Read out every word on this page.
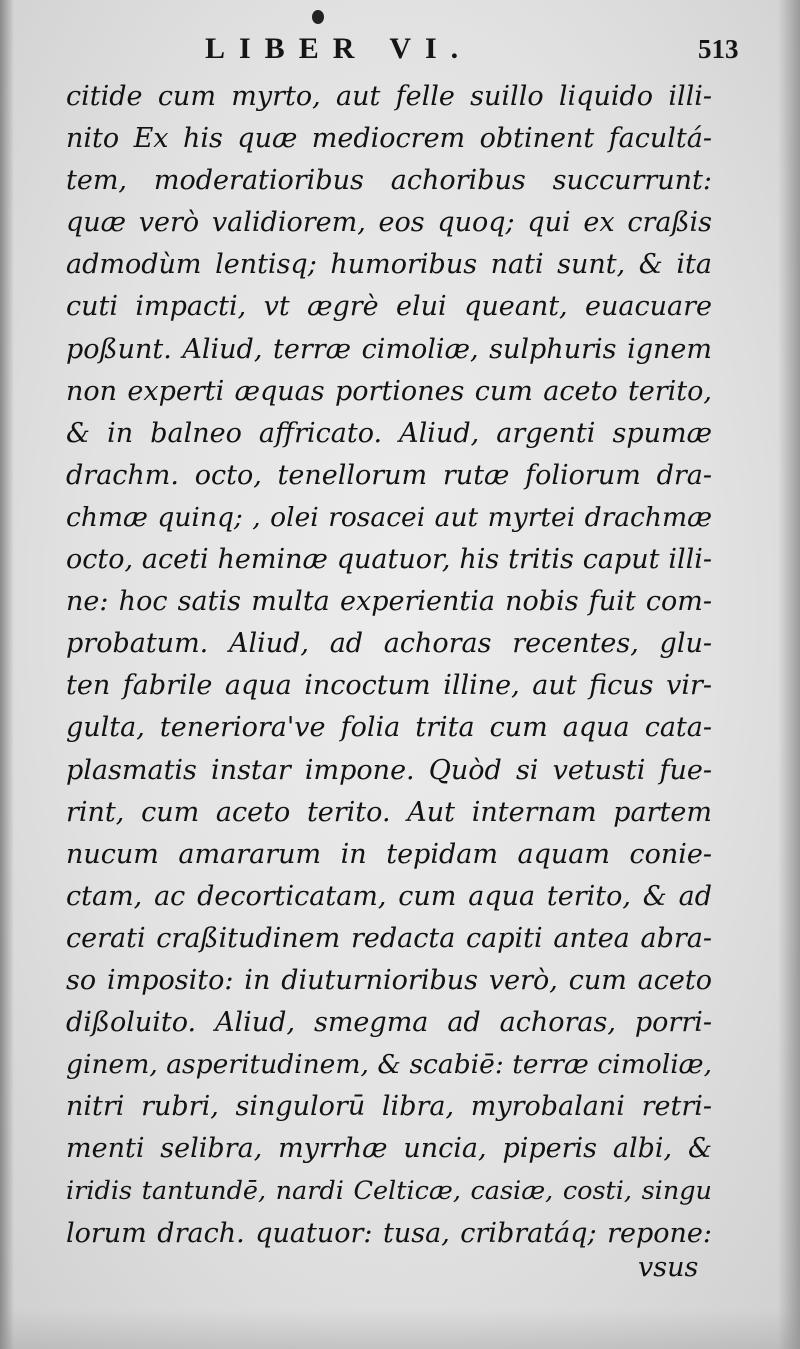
LIBER VI.	513
citide cum myrto, aut felle suillo liquido illi-
nito Ex his quæ mediocrem obtinent facultá-
tem, moderatioribus achoribus succurrunt:
quæ verò validiorem, eos quoq; qui ex craßis
admodùm lentisq; humoribus nati sunt, & ita
cuti impacti, vt ægrè elui queant, euacuare
poßunt. Aliud, terræ cimoliæ, sulphuris ignem
non experti æquas portiones cum aceto terito,
& in balneo affricato. Aliud, argenti spumæ
drachm. octo, tenellorum rutæ foliorum dra-
chmæ quinq; , olei rosacei aut myrtei drachmæ
octo, aceti heminæ quatuor, his tritis caput illi-
ne: hoc satis multa experientia nobis fuit com-
probatum. Aliud, ad achoras recentes, glu-
ten fabrile aqua incoctum illine, aut ficus vir-
gulta, teneriora've folia trita cum aqua cata-
plasmatis instar impone. Quòd si vetusti fue-
rint, cum aceto terito. Aut internam partem
nucum amararum in tepidam aquam conie-
ctam, ac decorticatam, cum aqua terito, & ad
cerati craßitudinem redacta capiti antea abra-
so imposito: in diuturnioribus verò, cum aceto
dißoluito. Aliud, smegma ad achoras, porri-
ginem, asperitudinem, & scabiē: terræ cimoliæ,
nitri rubri, singulorū libra, myrobalani retri-
menti selibra, myrrhæ uncia, piperis albi, &
iridis tantundē, nardi Celticæ, casiæ, costi, singu
lorum drach. quatuor: tusa, cribratáq; repone:
vsus
